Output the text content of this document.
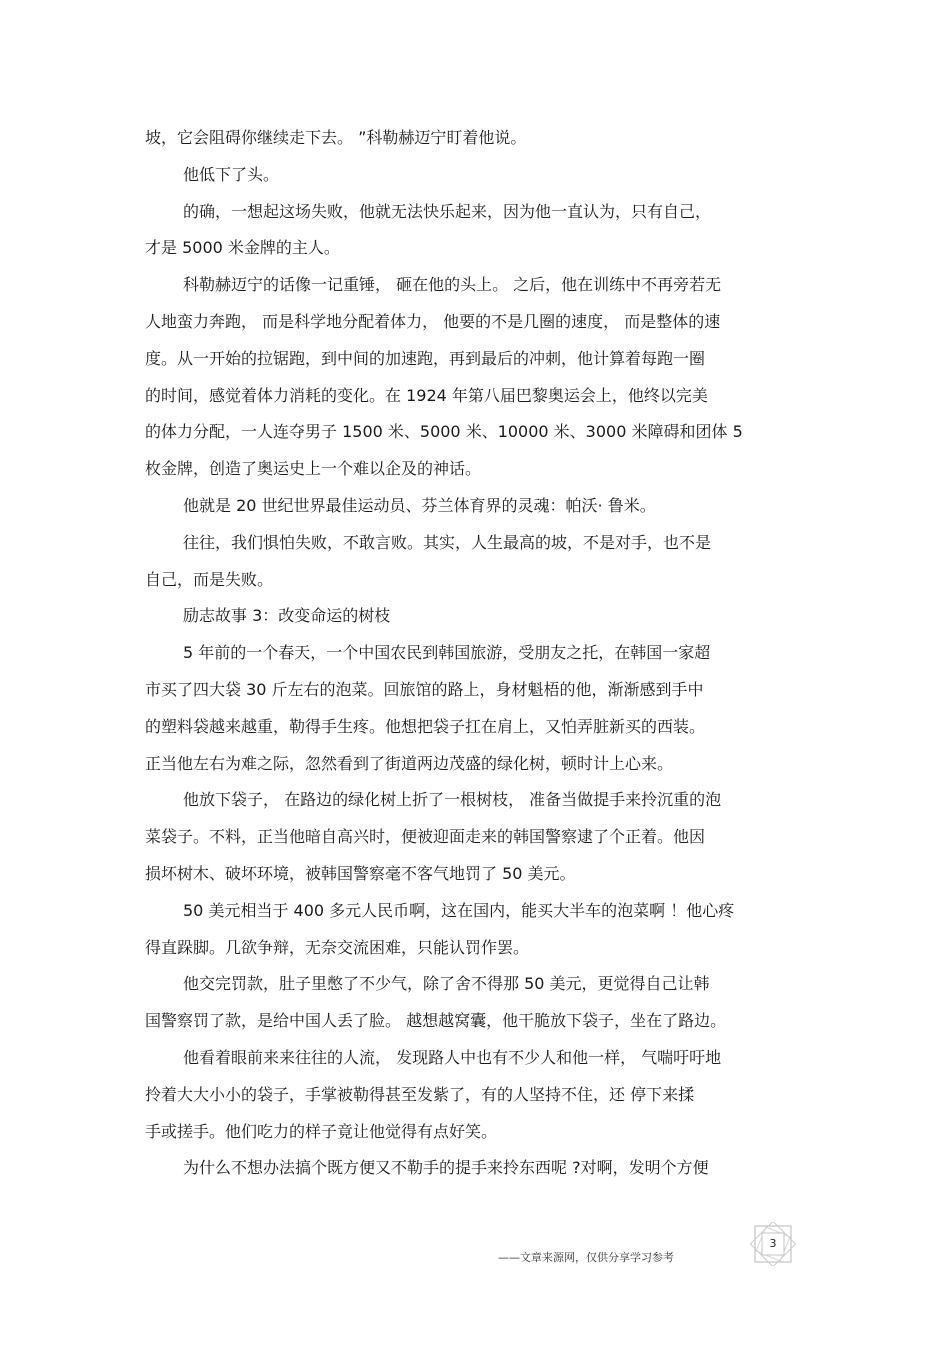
坡，它会阻碍你继续走下去。 ”科勒赫迈宁盯着他说。
他低下了头。
的确，一想起这场失败，他就无法快乐起来，因为他一直认为，只有自己，
才是 5000 米金牌的主人。
科勒赫迈宁的话像一记重锤， 砸在他的头上。 之后，他在训练中不再旁若无
人地蛮力奔跑， 而是科学地分配着体力， 他要的不是几圈的速度， 而是整体的速
度。从一开始的拉锯跑，到中间的加速跑，再到最后的冲刺，他计算着每跑一圈
的时间，感觉着体力消耗的变化。在 1924 年第八届巴黎奥运会上，他终以完美
的体力分配，一人连夺男子 1500 米、5000 米、10000 米、3000 米障碍和团体 5
枚金牌，创造了奥运史上一个难以企及的神话。
他就是 20 世纪世界最佳运动员、芬兰体育界的灵魂：帕沃· 鲁米。
往往，我们惧怕失败，不敢言败。其实，人生最高的坡，不是对手，也不是
自己，而是失败。
励志故事 3：改变命运的树枝
5 年前的一个春天，一个中国农民到韩国旅游，受朋友之托，在韩国一家超
市买了四大袋 30 斤左右的泡菜。回旅馆的路上，身材魁梧的他，渐渐感到手中
的塑料袋越来越重，勒得手生疼。他想把袋子扛在肩上，又怕弄脏新买的西装。
正当他左右为难之际，忽然看到了街道两边茂盛的绿化树，顿时计上心来。
他放下袋子， 在路边的绿化树上折了一根树枝， 准备当做提手来拎沉重的泡
菜袋子。不料，正当他暗自高兴时，便被迎面走来的韩国警察逮了个正着。他因
损坏树木、破坏环境，被韩国警察毫不客气地罚了 50 美元。
50 美元相当于 400 多元人民币啊，这在国内，能买大半车的泡菜啊 ！他心疼
得直跺脚。几欲争辩，无奈交流困难，只能认罚作罢。
他交完罚款，肚子里憋了不少气，除了舍不得那 50 美元，更觉得自己让韩
国警察罚了款，是给中国人丢了脸。 越想越窝囊，他干脆放下袋子，坐在了路边。
他看着眼前来来往往的人流， 发现路人中也有不少人和他一样， 气喘吁吁地
拎着大大小小的袋子，手掌被勒得甚至发紫了，有的人坚持不住，还 停下来揉
手或搓手。他们吃力的样子竟让他觉得有点好笑。
为什么不想办法搞个既方便又不勒手的提手来拎东西呢 ?对啊，发明个方便
——文章来源网，仅供分享学习参考
3
